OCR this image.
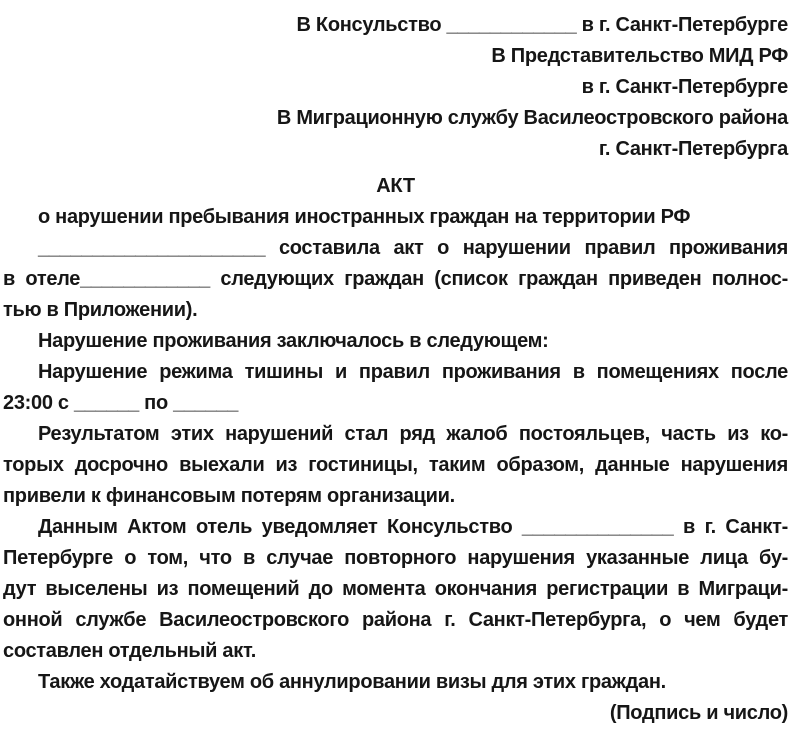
В Консульство ____________ в г. Санкт-Петербурге
В Представительство МИД РФ
в г. Санкт-Петербурге
В Миграционную службу Василеостровского района
г. Санкт-Петербурга
АКТ
о нарушении пребывания иностранных граждан на территории РФ
_____________________ составила акт о нарушении правил проживания
в отеле____________ следующих граждан (список граждан приведен полнос-
тью в Приложении).
Нарушение проживания заключалось в следующем:
Нарушение режима тишины и правил проживания в помещениях после
23:00 с ______ по ______
Результатом этих нарушений стал ряд жалоб постояльцев, часть из ко-
торых досрочно выехали из гостиницы, таким образом, данные нарушения
привели к финансовым потерям организации.
Данным Актом отель уведомляет Консульство ______________ в г. Санкт-
Петербурге о том, что в случае повторного нарушения указанные лица бу-
дут выселены из помещений до момента окончания регистрации в Миграци-
онной службе Василеостровского района г. Санкт-Петербурга, о чем будет
составлен отдельный акт.
Также ходатайствуем об аннулировании визы для этих граждан.
(Подпись и число)
